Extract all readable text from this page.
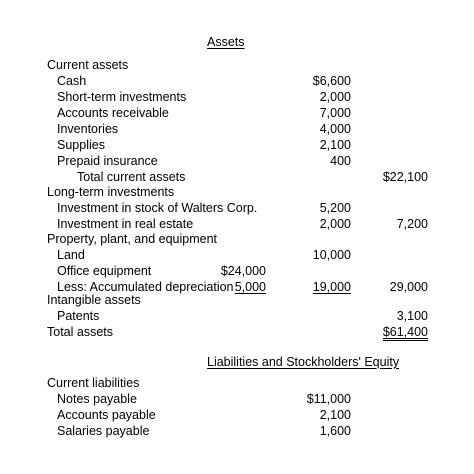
Assets
Current assets
Cash	$6,600
Short-term investments	2,000
Accounts receivable	7,000
Inventories	4,000
Supplies	2,100
Prepaid insurance	400
Total current assets	$22,100
Long-term investments
Investment in stock of Walters Corp.	5,200
Investment in real estate	2,000	7,200
Property, plant, and equipment
Land	10,000
Office equipment	$24,000
Less: Accumulated depreciation 5,000	19,000	29,000
Intangible assets
Patents	3,100
Total assets	$61,400
Liabilities and Stockholders' Equity
Current liabilities
Notes payable	$11,000
Accounts payable	2,100
Salaries payable	1,600
